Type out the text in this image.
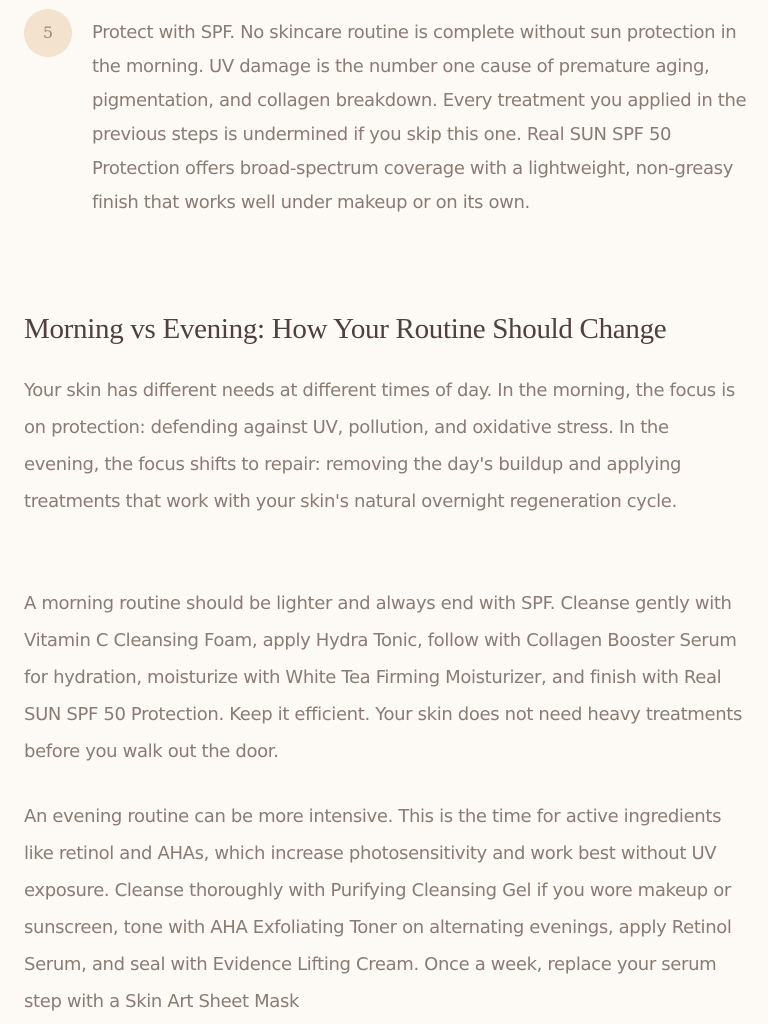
5	Protect with SPF. No skincare routine is complete without sun protection in the morning. UV damage is the number one cause of premature aging, pigmentation, and collagen breakdown. Every treatment you applied in the previous steps is undermined if you skip this one. Real SUN SPF 50 Protection offers broad-spectrum coverage with a lightweight, non-greasy finish that works well under makeup or on its own.

Morning vs Evening: How Your Routine Should Change

Your skin has different needs at different times of day. In the morning, the focus is on protection: defending against UV, pollution, and oxidative stress. In the evening, the focus shifts to repair: removing the day's buildup and applying treatments that work with your skin's natural overnight regeneration cycle.

A morning routine should be lighter and always end with SPF. Cleanse gently with Vitamin C Cleansing Foam, apply Hydra Tonic, follow with Collagen Booster Serum for hydration, moisturize with White Tea Firming Moisturizer, and finish with Real SUN SPF 50 Protection. Keep it efficient. Your skin does not need heavy treatments before you walk out the door.

An evening routine can be more intensive. This is the time for active ingredients like retinol and AHAs, which increase photosensitivity and work best without UV exposure. Cleanse thoroughly with Purifying Cleansing Gel if you wore makeup or sunscreen, tone with AHA Exfoliating Toner on alternating evenings, apply Retinol Serum, and seal with Evidence Lifting Cream. Once a week, replace your serum step with a Skin Art Sheet Mask
